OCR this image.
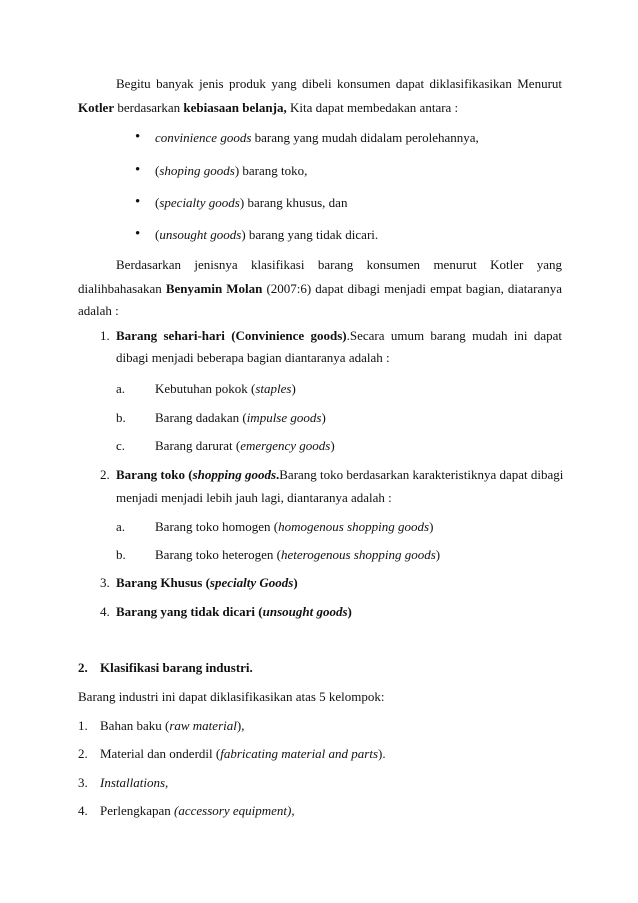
Begitu banyak jenis produk yang dibeli konsumen dapat diklasifikasikan Menurut
Kotler berdasarkan kebiasaan belanja, Kita dapat membedakan antara :
• convinience goods barang yang mudah didalam perolehannya,
• (shoping goods) barang toko,
• (specialty goods) barang khusus, dan
• (unsought goods) barang yang tidak dicari.
Berdasarkan jenisnya klasifikasi barang konsumen menurut Kotler yang
dialihbahasakan Benyamin Molan (2007:6) dapat dibagi menjadi empat bagian, diataranya
adalah :
1. Barang sehari-hari (Convinience goods).Secara umum barang mudah ini dapat
dibagi menjadi beberapa bagian diantaranya adalah :
a. Kebutuhan pokok (staples)
b. Barang dadakan (impulse goods)
c. Barang darurat (emergency goods)
2. Barang toko (shopping goods.Barang toko berdasarkan karakteristiknya dapat dibagi
menjadi menjadi lebih jauh lagi, diantaranya adalah :
a. Barang toko homogen (homogenous shopping goods)
b. Barang toko heterogen (heterogenous shopping goods)
3. Barang Khusus (specialty Goods)
4. Barang yang tidak dicari (unsought goods)
2. Klasifikasi barang industri.
Barang industri ini dapat diklasifikasikan atas 5 kelompok:
1. Bahan baku (raw material),
2. Material dan onderdil (fabricating material and parts).
3. Installations,
4. Perlengkapan (accessory equipment),
